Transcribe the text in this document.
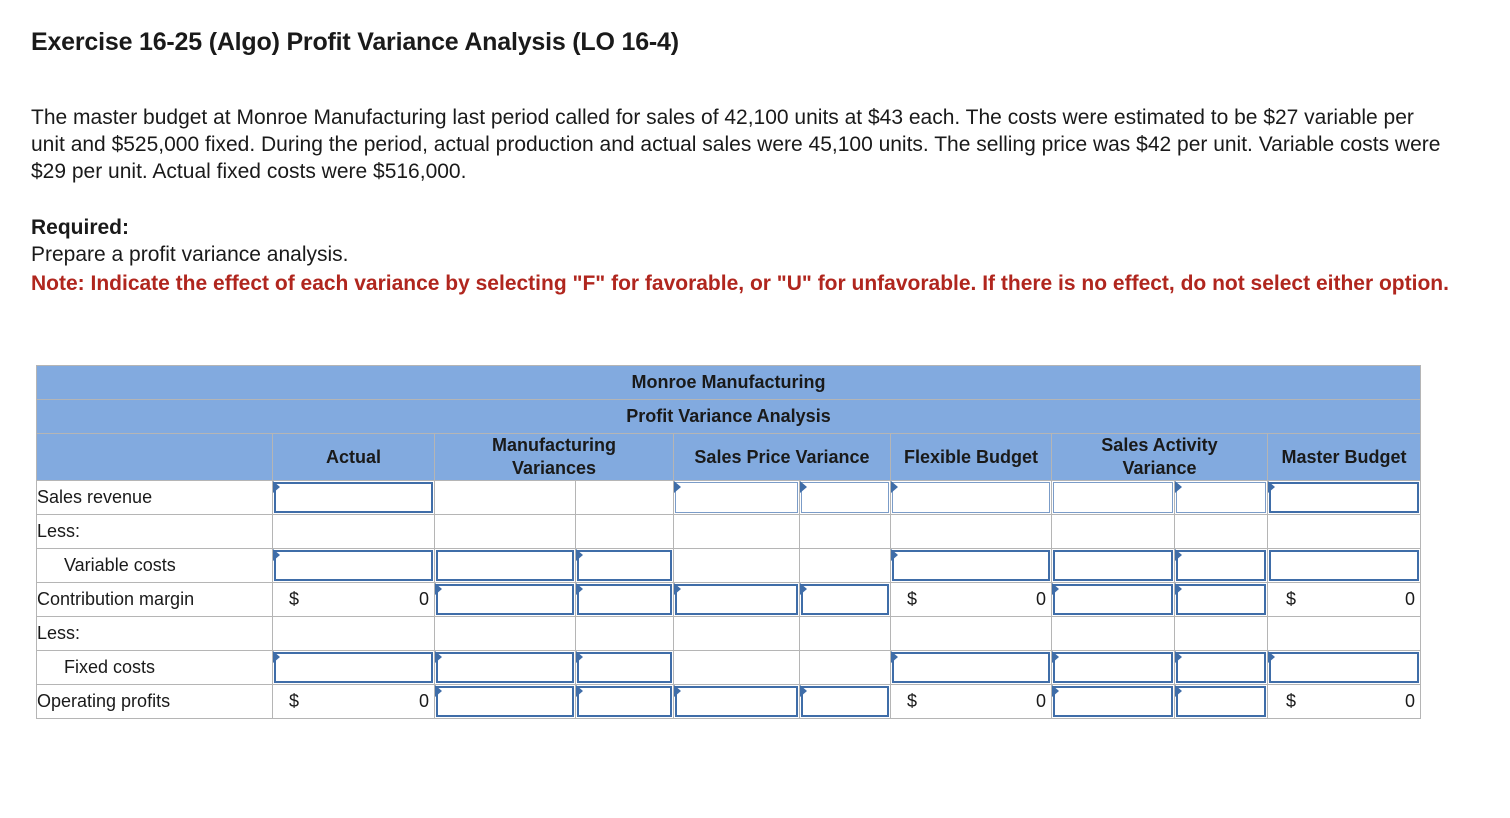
Exercise 16-25 (Algo) Profit Variance Analysis (LO 16-4)
The master budget at Monroe Manufacturing last period called for sales of 42,100 units at $43 each. The costs were estimated to be $27 variable per unit and $525,000 fixed. During the period, actual production and actual sales were 45,100 units. The selling price was $42 per unit. Variable costs were $29 per unit. Actual fixed costs were $516,000.
Required:
Prepare a profit variance analysis.
Note: Indicate the effect of each variance by selecting "F" for favorable, or "U" for unfavorable. If there is no effect, do not select either option.
Monroe Manufacturing									
Profit Variance Analysis									
	Actual	Manufacturing Variances		Sales Price Variance		Flexible Budget	Sales Activity Variance		Master Budget
Sales revenue	

Less:									
Variable costs	

Contribution margin	$ 0					$ 0			$ 0

Less:									
Fixed costs	

Operating profits	$ 0					$ 0			$ 0
